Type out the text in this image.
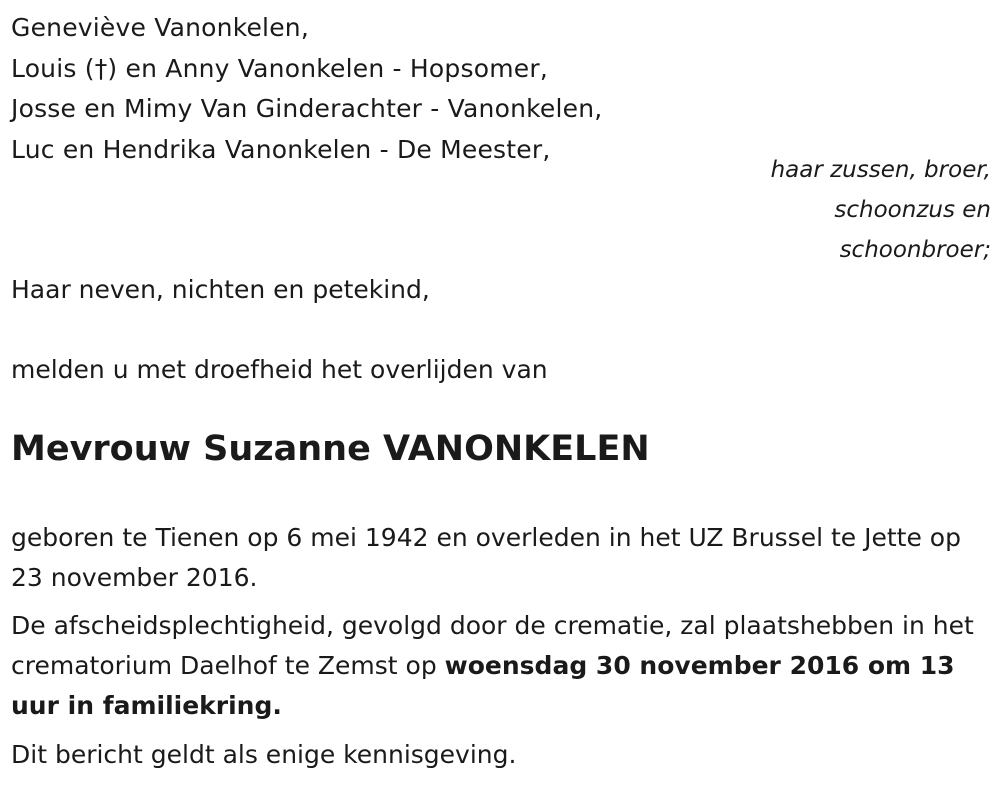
Geneviève Vanonkelen,
Louis (†) en Anny Vanonkelen - Hopsomer,
Josse en Mimy Van Ginderachter - Vanonkelen,
Luc en Hendrika Vanonkelen - De Meester,
haar zussen, broer,
schoonzus en
schoonbroer;
Haar neven, nichten en petekind,
melden u met droefheid het overlijden van
Mevrouw Suzanne VANONKELEN

geboren te Tienen op 6 mei 1942 en overleden in het UZ Brussel te Jette op 23 november 2016.

De afscheidsplechtigheid, gevolgd door de crematie, zal plaatshebben in het crematorium Daelhof te Zemst op woensdag 30 november 2016 om 13 uur in familiekring.

Dit bericht geldt als enige kennisgeving.
